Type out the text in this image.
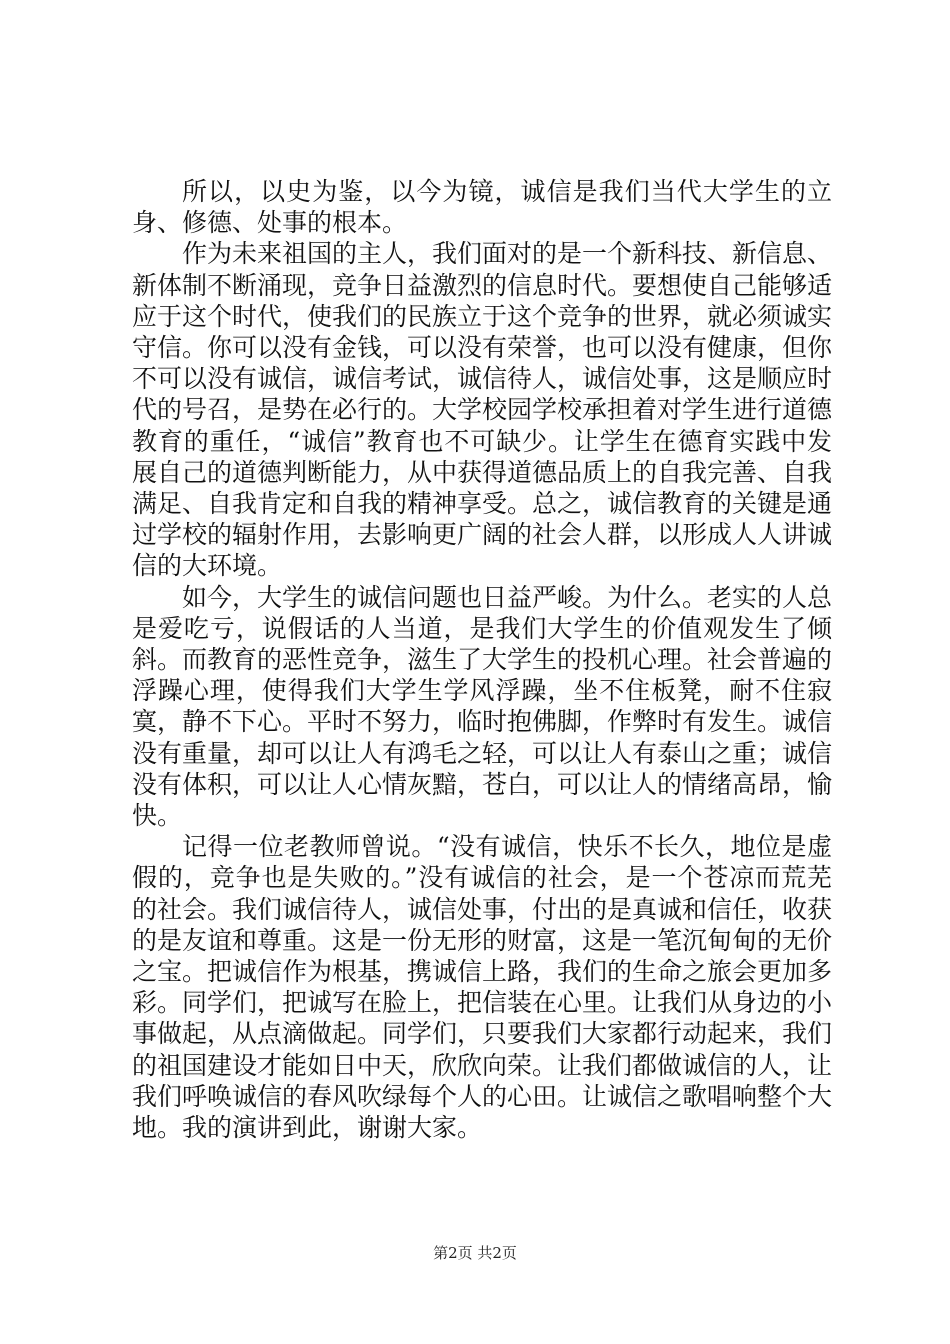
所以，以史为鉴，以今为镜，诚信是我们当代大学生的立身、修德、处事的根本。

作为未来祖国的主人，我们面对的是一个新科技、新信息、新体制不断涌现，竞争日益激烈的信息时代。要想使自己能够适应于这个时代，使我们的民族立于这个竞争的世界，就必须诚实守信。你可以没有金钱，可以没有荣誉，也可以没有健康，但你不可以没有诚信，诚信考试，诚信待人，诚信处事，这是顺应时代的号召，是势在必行的。大学校园学校承担着对学生进行道德教育的重任，“诚信”教育也不可缺少。让学生在德育实践中发展自己的道德判断能力，从中获得道德品质上的自我完善、自我满足、自我肯定和自我的精神享受。总之，诚信教育的关键是通过学校的辐射作用，去影响更广阔的社会人群，以形成人人讲诚信的大环境。

如今，大学生的诚信问题也日益严峻。为什么。老实的人总是爱吃亏，说假话的人当道，是我们大学生的价值观发生了倾斜。而教育的恶性竞争，滋生了大学生的投机心理。社会普遍的浮躁心理，使得我们大学生学风浮躁，坐不住板凳，耐不住寂寞，静不下心。平时不努力，临时抱佛脚，作弊时有发生。诚信没有重量，却可以让人有鸿毛之轻，可以让人有泰山之重；诚信没有体积，可以让人心情灰黯，苍白，可以让人的情绪高昂，愉快。

记得一位老教师曾说。“没有诚信，快乐不长久，地位是虚假的，竞争也是失败的。”没有诚信的社会，是一个苍凉而荒芜的社会。我们诚信待人，诚信处事，付出的是真诚和信任，收获的是友谊和尊重。这是一份无形的财富，这是一笔沉甸甸的无价之宝。把诚信作为根基，携诚信上路，我们的生命之旅会更加多彩。同学们，把诚写在脸上，把信装在心里。让我们从身边的小事做起，从点滴做起。同学们，只要我们大家都行动起来，我们的祖国建设才能如日中天，欣欣向荣。让我们都做诚信的人，让我们呼唤诚信的春风吹绿每个人的心田。让诚信之歌唱响整个大地。我的演讲到此，谢谢大家。

第2页 共2页
